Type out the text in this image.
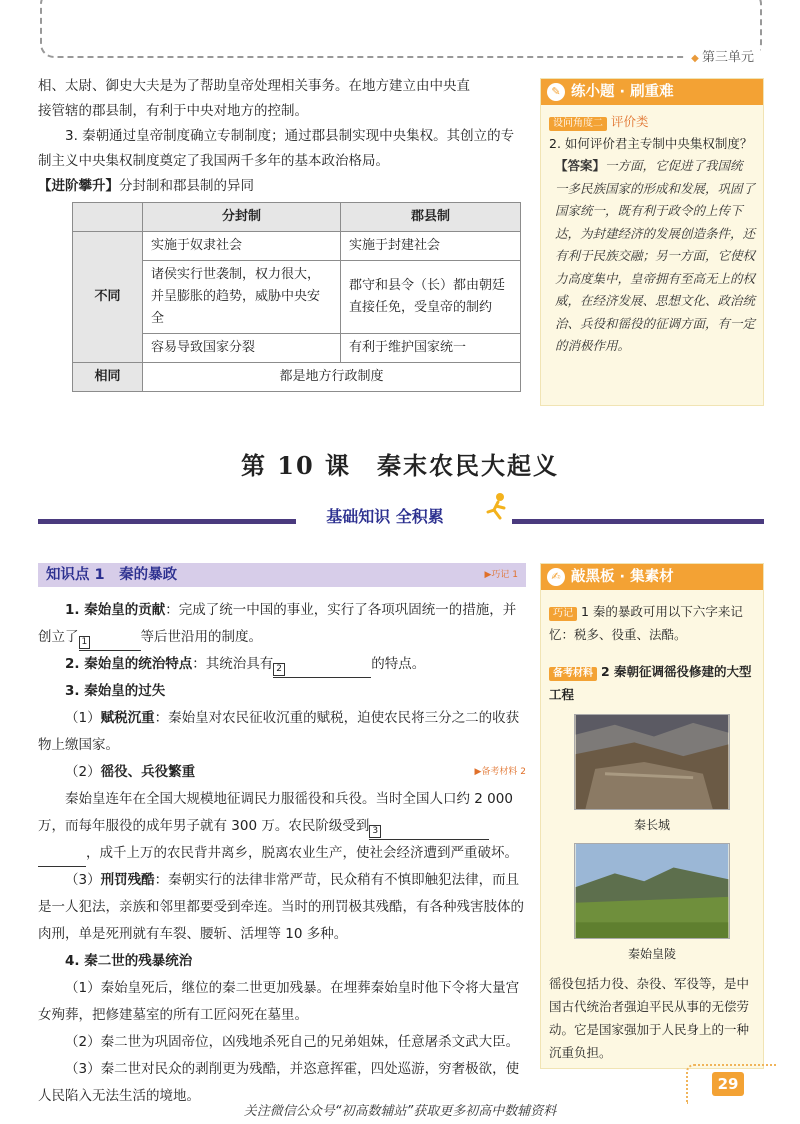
◆ 第三单元
相、太尉、御史大夫是为了帮助皇帝处理相关事务。在地方建立由中央直
接管辖的郡县制，有利于中央对地方的控制。

3. 秦朝通过皇帝制度确立专制制度；通过郡县制实现中央集权。其创立的专制主义中央集权制度奠定了我国两千多年的基本政治格局。

【进阶攀升】分封制和郡县制的异同
	分封制	郡县制
不同	实施于奴隶社会	实施于封建社会
	诸侯实行世袭制，权力很大，并呈膨胀的趋势，威胁中央安全	郡守和县令（长）都由朝廷直接任免，受皇帝的制约
	容易导致国家分裂	有利于维护国家统一
相同	都是地方行政制度	
✎ 练小题 · 刷重难
设问角度二 评价类
2. 如何评价君主专制中央集权制度？
【答案】一方面，它促进了我国统一多民族国家的形成和发展，巩固了国家统一，既有利于政令的上传下达，为封建经济的发展创造条件，还有利于民族交融；另一方面，它使权力高度集中，皇帝拥有至高无上的权威，在经济发展、思想文化、政治统治、兵役和徭役的征调方面，有一定的消极作用。
第 10 课　秦末农民大起义
基础知识 全积累
知识点 1　秦的暴政	▶巧记 1

1. 秦始皇的贡献：完成了统一中国的事业，实行了各项巩固统一的措施，并创立了 $^1$	等后世沿用的制度。

2. 秦始皇的统治特点：其统治具有 $^2$	的特点。

3. 秦始皇的过失

（1）赋税沉重：秦始皇对农民征收沉重的赋税，迫使农民将三分之二的收获物上缴国家。

（2）徭役、兵役繁重	▶备考材料 2

秦始皇连年在全国大规模地征调民力服徭役和兵役。当时全国人口约 2 000 万，而每年服役的成年男子就有 300 万。农民阶级受到 $^3$，成千上万的农民背井离乡，脱离农业生产，使社会经济遭到严重破坏。

（3）刑罚残酷：秦朝实行的法律非常严苛，民众稍有不慎即触犯法律，而且是一人犯法，亲族和邻里都要受到牵连。当时的刑罚极其残酷，有各种残害肢体的肉刑，单是死刑就有车裂、腰斩、活埋等 10 多种。

4. 秦二世的残暴统治

（1）秦始皇死后，继位的秦二世更加残暴。在埋葬秦始皇时他下令将大量宫女殉葬，把修建墓室的所有工匠闷死在墓里。

（2）秦二世为巩固帝位，凶残地杀死自己的兄弟姐妹，任意屠杀文武大臣。

（3）秦二世对民众的剥削更为残酷，并恣意挥霍，四处巡游，穷奢极欲，使人民陷入无法生活的境地。

✍ 敲黑板 · 集素材
巧记 1 秦的暴政可用以下六字来记忆：税多、役重、法酷。
备考材料 2 秦朝征调徭役修建的大型工程
秦长城
秦始皇陵
徭役包括力役、杂役、军役等，是中国古代统治者强迫平民从事的无偿劳动。它是国家强加于人民身上的一种沉重负担。
29
关注微信公众号“初高数辅站”获取更多初高中数辅资料
